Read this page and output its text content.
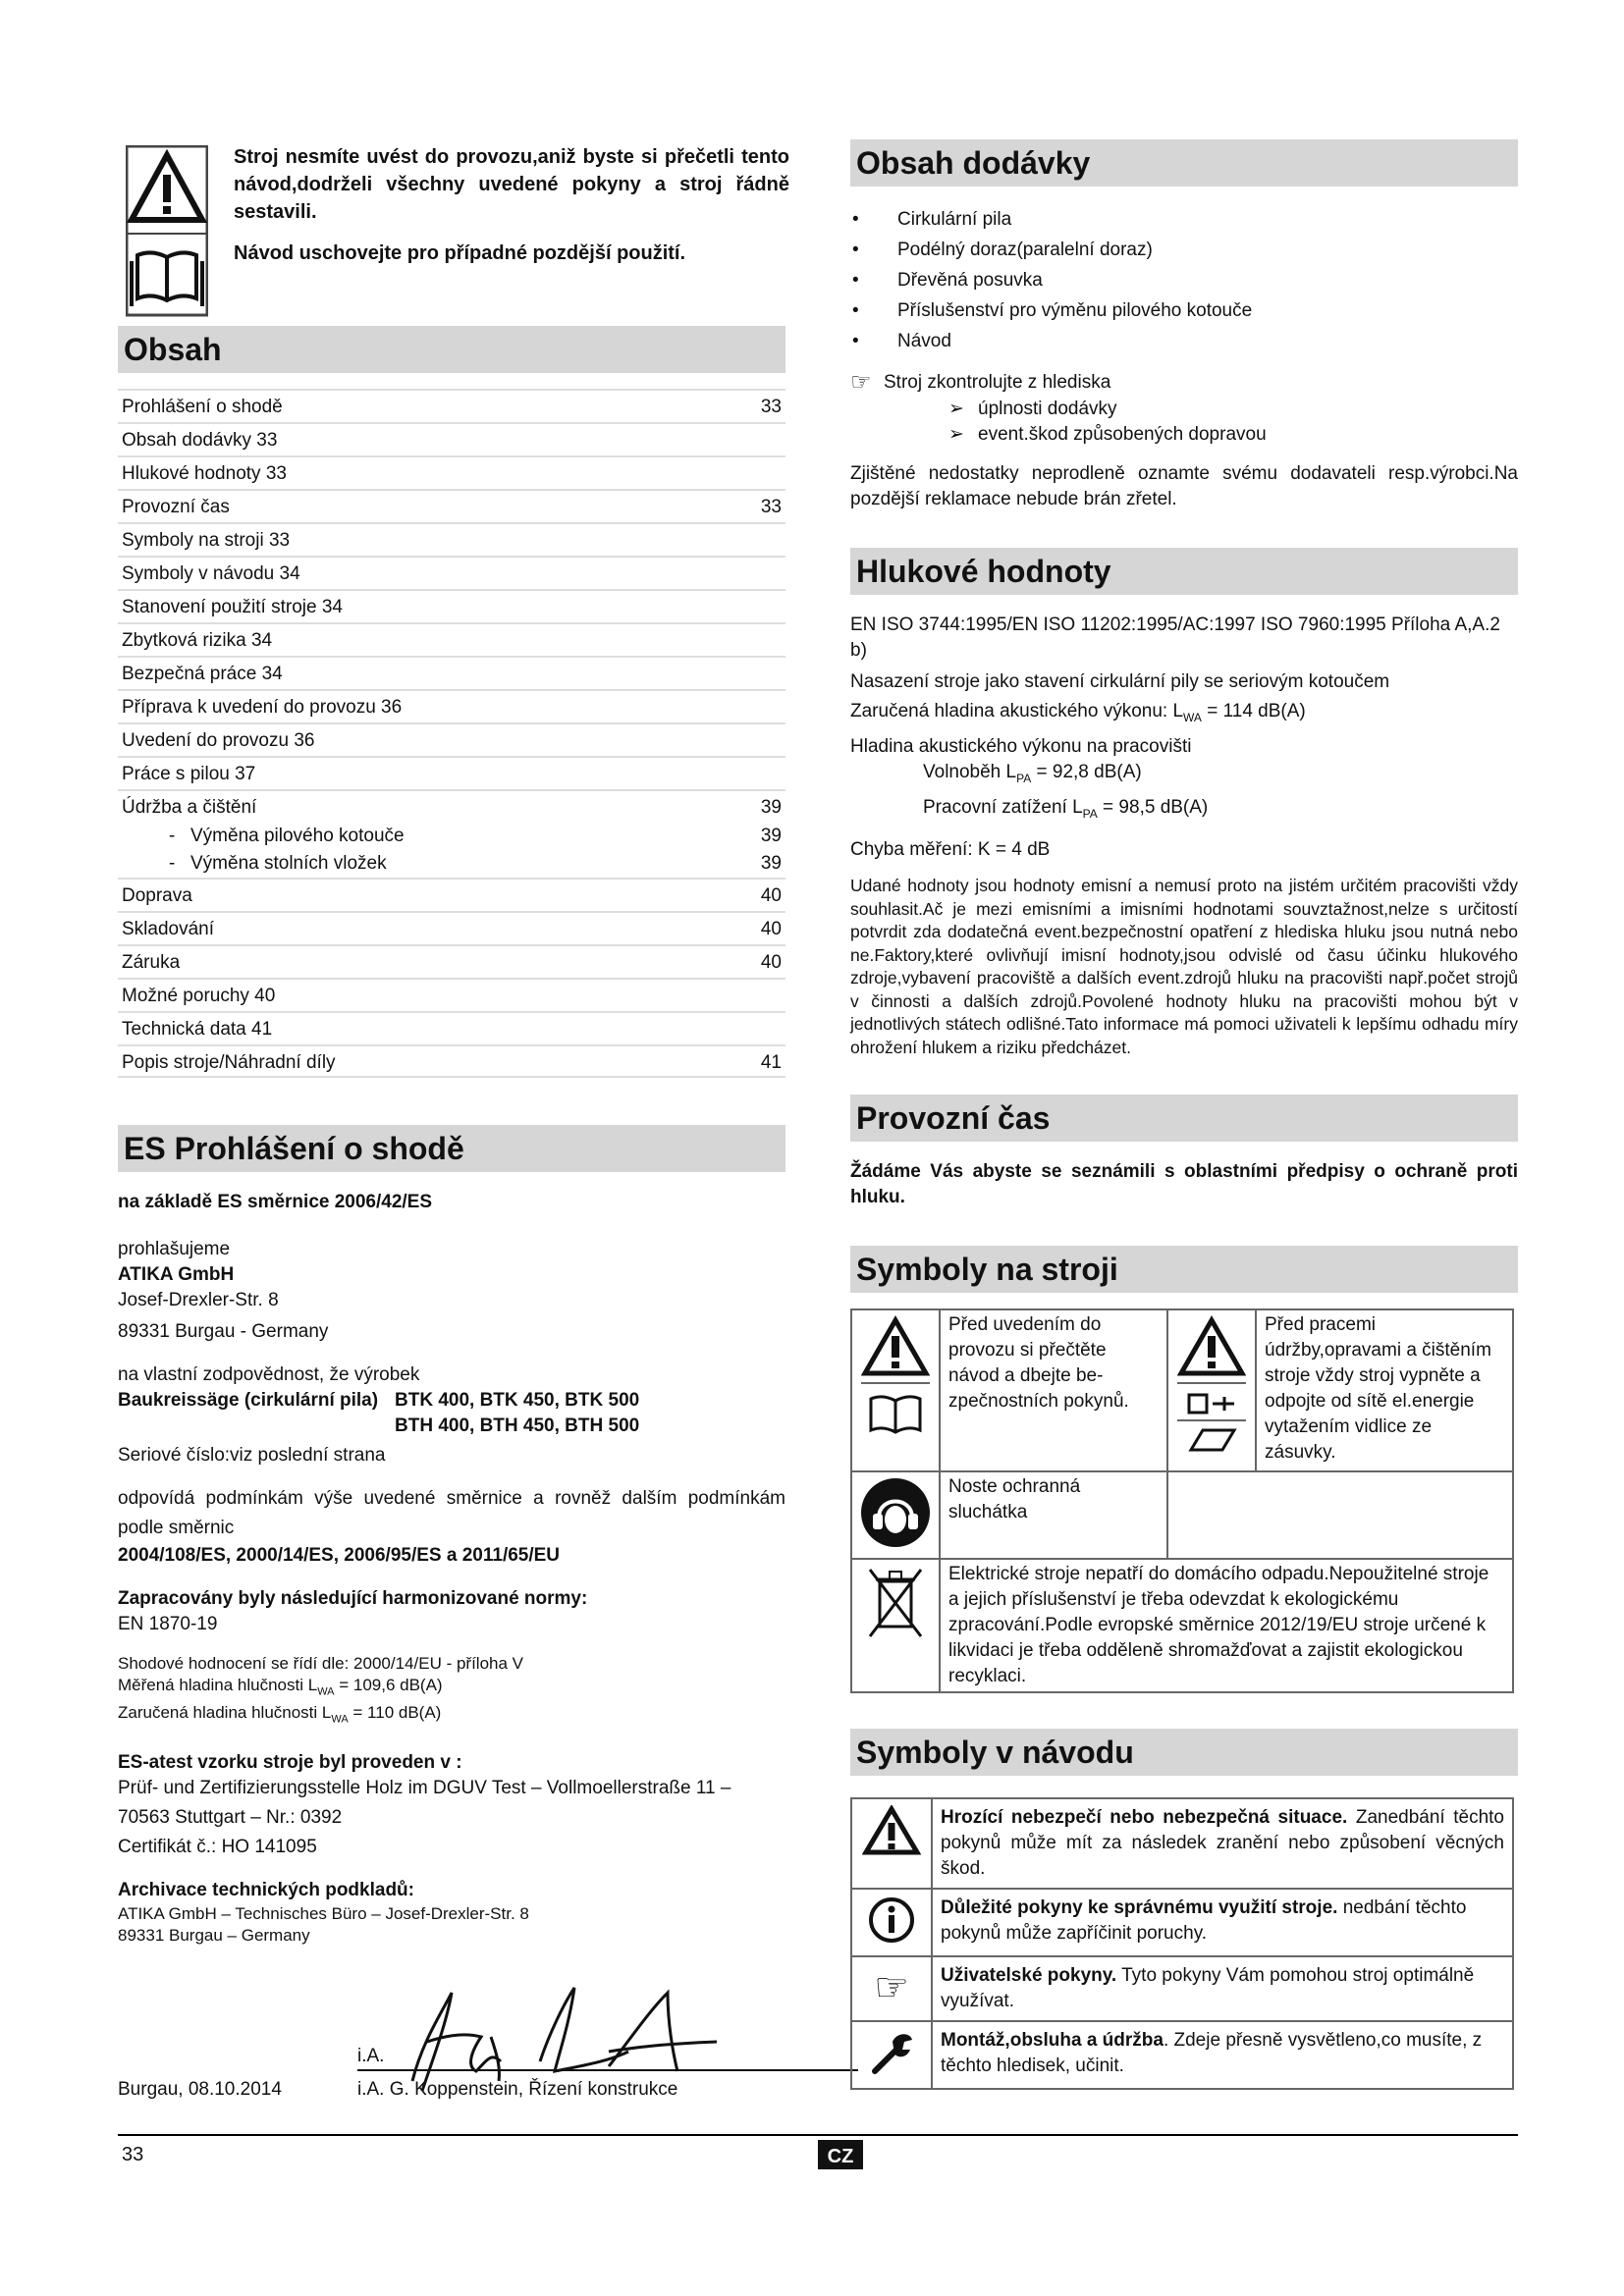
Stroj nesmíte uvést do provozu,aniž byste si přečetli tento návod,dodrželi všechny uvedené pokyny a stroj řádně sestavili.
Návod uschovejte pro případné pozdější použití.
Obsah
Prohlášení o shodě	33
Obsah dodávky 33
Hlukové hodnoty 33
Provozní čas	33
Symboly na stroji 33
Symboly v návodu 34
Stanovení použití stroje 34
Zbytková rizika 34
Bezpečná práce 34
Příprava k uvedení do provozu 36
Uvedení do provozu 36
Práce s pilou 37
Údržba a čištění	39
- Výměna pilového kotouče	39
- Výměna stolních vložek	39
Doprava	40
Skladování	40
Záruka	40
Možné poruchy 40
Technická data 41
Popis stroje/Náhradní díly	41
ES Prohlášení o shodě
na základě ES směrnice 2006/42/ES
prohlašujeme
ATIKA GmbH
Josef-Drexler-Str. 8
89331 Burgau - Germany
na vlastní zodpovědnost, že výrobek
Baukreissäge (cirkulární pila) BTK 400, BTK 450, BTK 500
BTH 400, BTH 450, BTH 500
Seriové číslo:viz poslední strana
odpovídá podmínkám výše uvedené směrnice a rovněž dalším podmínkám podle směrnic
2004/108/ES, 2000/14/ES, 2006/95/ES a 2011/65/EU
Zapracovány byly následující harmonizované normy:
EN 1870-19
Shodové hodnocení se řídí dle: 2000/14/EU - příloha V
Měřená hladina hlučnosti $L_{WA} = 109,6$ dB(A)
Zaručená hladina hlučnosti $L_{WA} = 110$ dB(A)
ES-atest vzorku stroje byl proveden v :
Prüf- und Zertifizierungsstelle Holz im DGUV Test – Vollmoellerstraße 11 –
70563 Stuttgart – Nr.: 0392
Certifikát č.: HO 141095
Archivace technických podkladů:
ATIKA GmbH – Technisches Büro – Josef-Drexler-Str. 8
89331 Burgau – Germany
i.A.
Burgau, 08.10.2014	i.A. G. Koppenstein, Řízení konstrukce
Obsah dodávky
• Cirkulární pila
• Podélný doraz(paralelní doraz)
• Dřevěná posuvka
• Příslušenství pro výměnu pilového kotouče
• Návod
☞ Stroj zkontrolujte z hlediska
➢ úplnosti dodávky
➢ event.škod způsobených dopravou
Zjištěné nedostatky neprodleně oznamte svému dodavateli resp.výrobci.Na pozdější reklamace nebude brán zřetel.
Hlukové hodnoty
EN ISO 3744:1995/EN ISO 11202:1995/AC:1997 ISO 7960:1995 Příloha A,A.2 b)
Nasazení stroje jako stavení cirkulární pily se seriovým kotoučem
Zaručená hladina akustického výkonu: $L_{WA} = 114$ dB(A)
Hladina akustického výkonu na pracovišti
Volnoběh $L_{PA} = 92,8$ dB(A)
Pracovní zatížení $L_{PA} = 98,5$ dB(A)
Chyba měření: K = 4 dB
Udané hodnoty jsou hodnoty emisní a nemusí proto na jistém určitém pracovišti vždy souhlasit.Ač je mezi emisními a imisními hodnotami souvztažnost,nelze s určitostí potvrdit zda dodatečná event.bezpečnostní opatření z hlediska hluku jsou nutná nebo ne.Faktory,které ovlivňují imisní hodnoty,jsou odvislé od času účinku hlukového zdroje,vybavení pracoviště a dalších event.zdrojů hluku na pracovišti např.počet strojů v činnosti a dalších zdrojů.Povolené hodnoty hluku na pracovišti mohou být v jednotlivých státech odlišné.Tato informace má pomoci uživateli k lepšímu odhadu míry ohrožení hlukem a riziku předcházet.
Provozní čas
Žádáme Vás abyste se seznámili s oblastními předpisy o ochraně proti hluku.
Symboly na stroji
	Před uvedením do provozu si přečtěte návod a dbejte be-zpečnostních pokynů.		Před pracemi údržby,opravami a čištěním stroje vždy stroj vypněte a odpojte od sítě el.energie vytažením vidlice ze zásuvky.
	Noste ochranná sluchátka		
	Elektrické stroje nepatří do domácího odpadu.Nepoužitelné stroje a jejich příslušenství je třeba odevzdat k ekologickému zpracování.Podle evropské směrnice 2012/19/EU stroje určené k likvidaci je třeba odděleně shromažďovat a zajistit ekologickou recyklaci.		
Symboly v návodu
	Hrozící nebezpečí nebo nebezpečná situace. Zanedbání těchto pokynů může mít za následek zranění nebo způsobení věcných škod.
	Důležité pokyny ke správnému využití stroje. nedbání těchto pokynů může zapříčinit poruchy.
☞	Uživatelské pokyny. Tyto pokyny Vám pomohou stroj optimálně využívat.
	Montáž,obsluha a údržba. Zdeje přesně vysvětleno,co musíte, z těchto hledisek, učinit.
33	CZ
